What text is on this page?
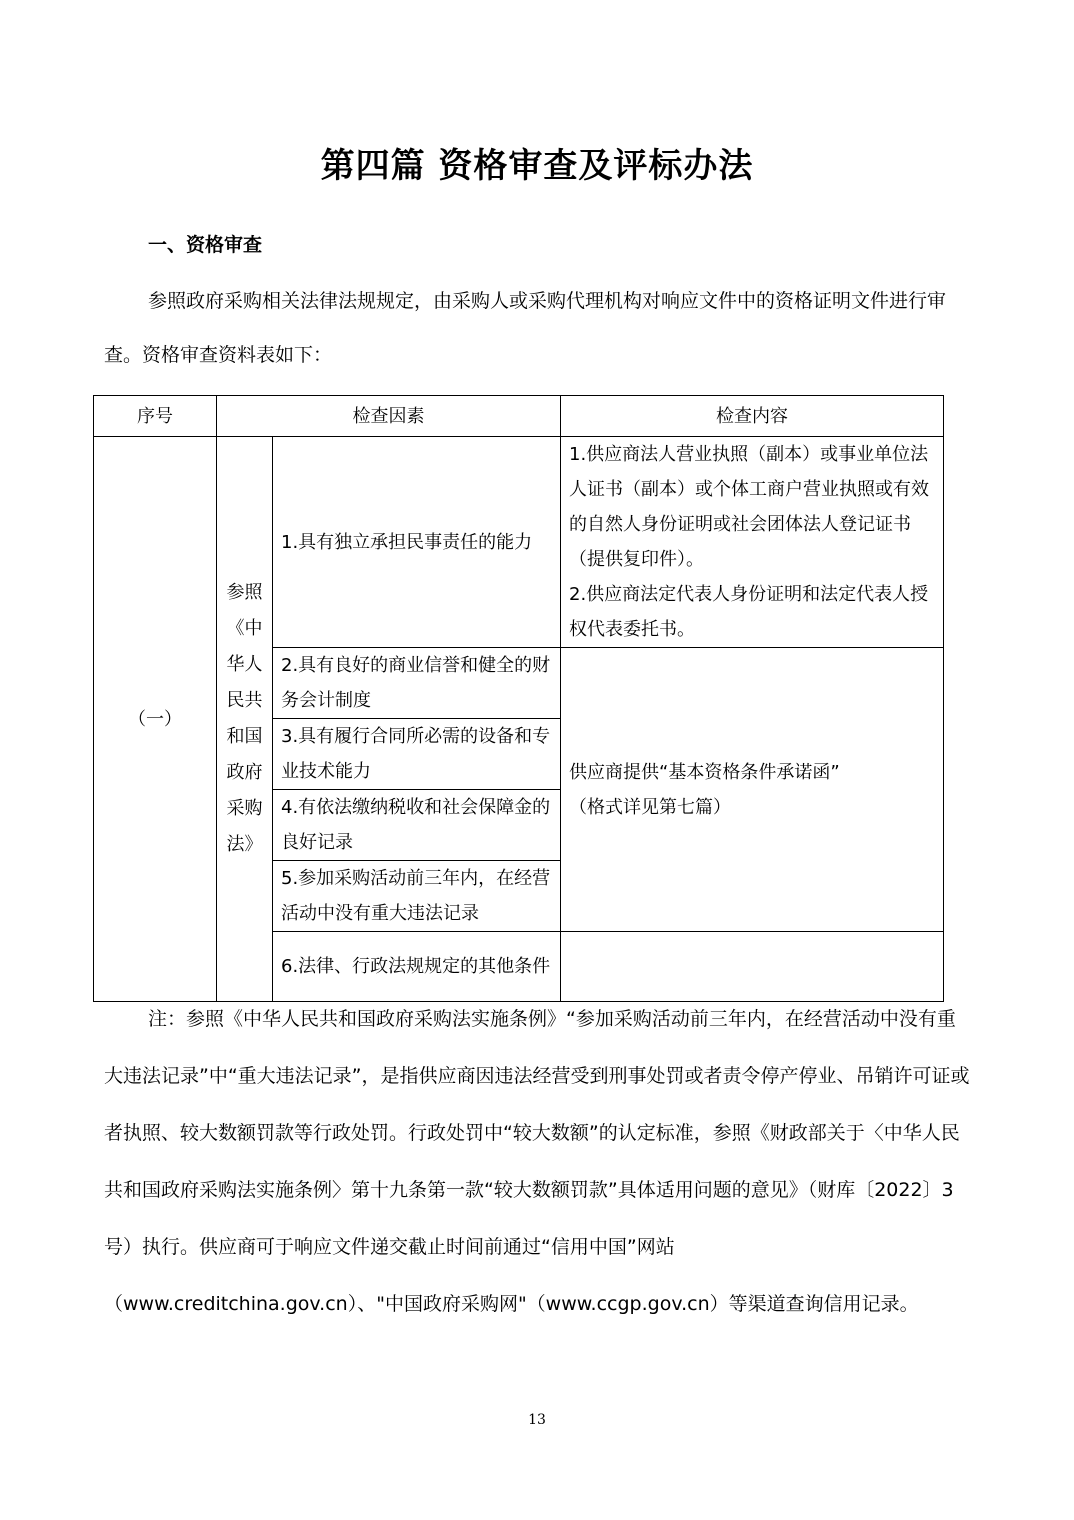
第四篇 资格审查及评标办法
一、资格审查
参照政府采购相关法律法规规定，由采购人或采购代理机构对响应文件中的资格证明文件进行审查。资格审查资料表如下：
序号	检查因素		检查内容
（一）	参照《中华人民共和国政府采购法》	1.具有独立承担民事责任的能力	1.供应商法人营业执照（副本）或事业单位法人证书（副本）或个体工商户营业执照或有效的自然人身份证明或社会团体法人登记证书（提供复印件）。
2.供应商法定代表人身份证明和法定代表人授权代表委托书。

		2.具有良好的商业信誉和健全的财务会计制度	供应商提供“基本资格条件承诺函”
（格式详见第七篇）

		3.具有履行合同所必需的设备和专业技术能力	
		4.有依法缴纳税收和社会保障金的良好记录	
		5.参加采购活动前三年内，在经营活动中没有重大违法记录	
		6.法律、行政法规规定的其他条件	
注：参照《中华人民共和国政府采购法实施条例》“参加采购活动前三年内，在经营活动中没有重大违法记录”中“重大违法记录”，是指供应商因违法经营受到刑事处罚或者责令停产停业、吊销许可证或者执照、较大数额罚款等行政处罚。行政处罚中“较大数额”的认定标准，参照《财政部关于〈中华人民共和国政府采购法实施条例〉第十九条第一款“较大数额罚款”具体适用问题的意见》（财库〔2022〕3 号）执行。供应商可于响应文件递交截止时间前通过“信用中国”网站（www.creditchina.gov.cn）、"中国政府采购网"（www.ccgp.gov.cn）等渠道查询信用记录。
13
